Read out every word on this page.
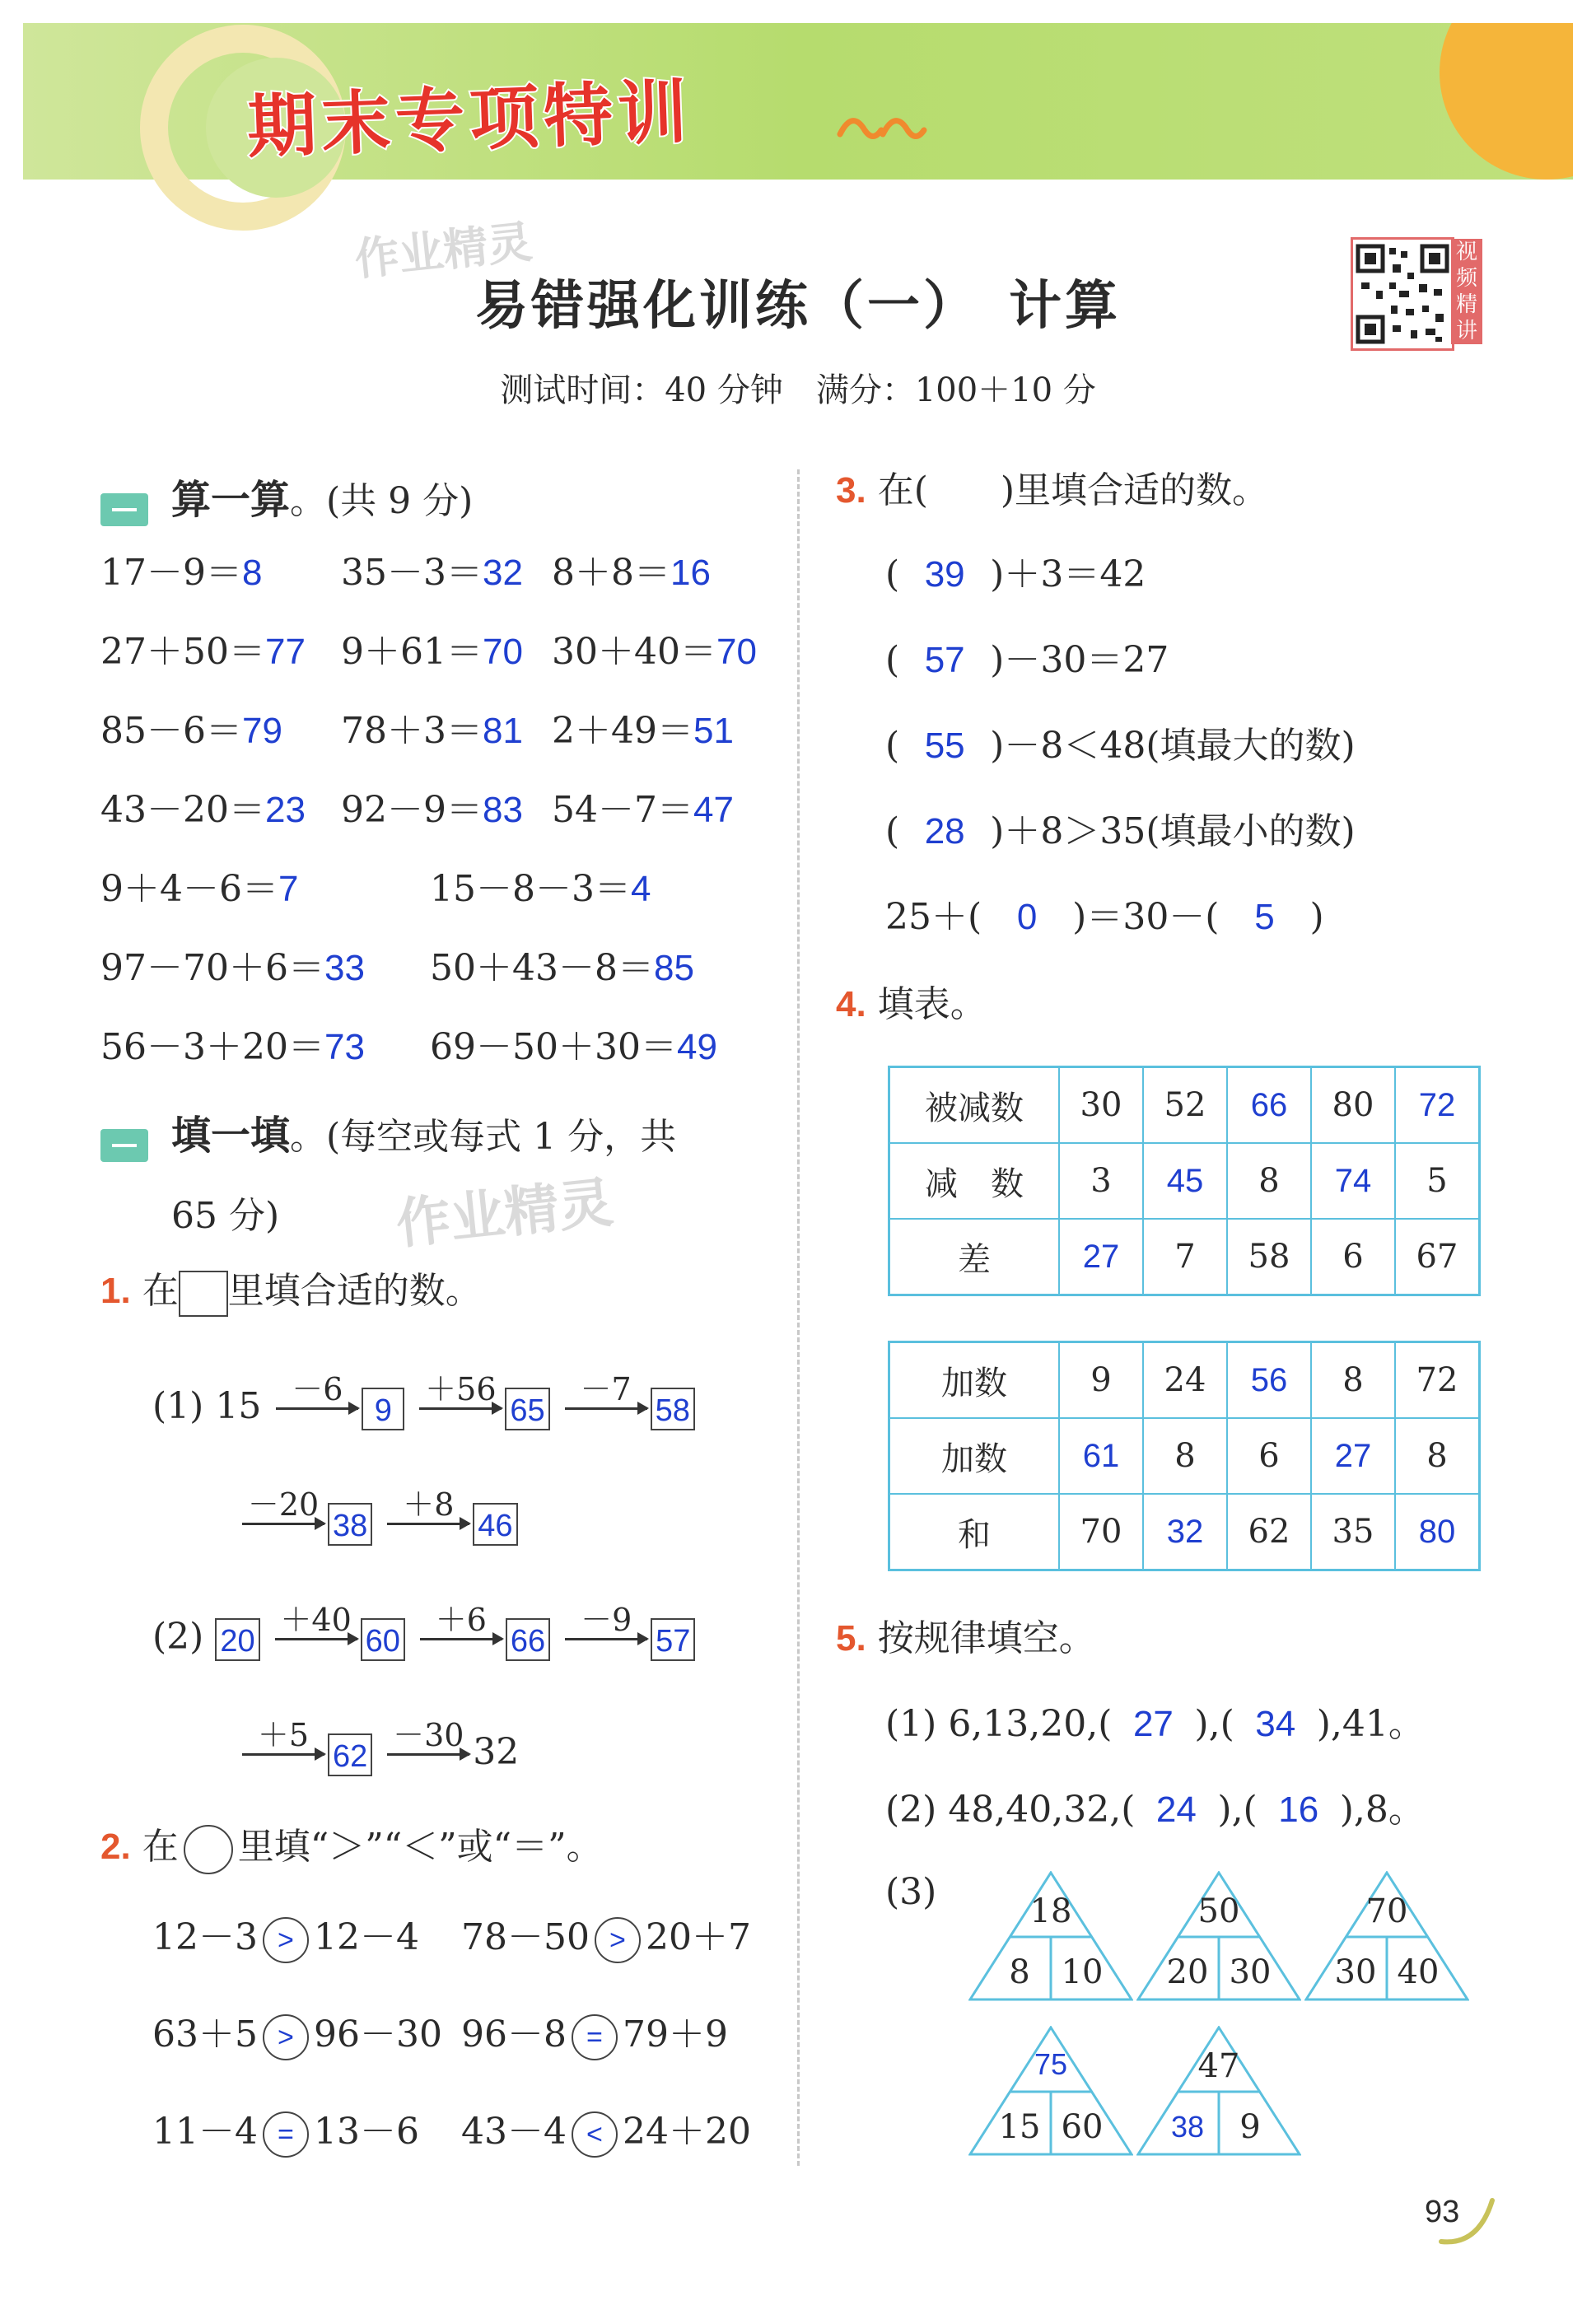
期末专项特训
作业精灵
作业精灵
易错强化训练（一）　计算
测试时间：40 分钟　满分：100＋10 分
视频精讲
算一算。(共 9 分)
17－9＝8 35－3＝32 8＋8＝16
27＋50＝77 9＋61＝70 30＋40＝70
85－6＝79 78＋3＝81 2＋49＝51
43－20＝23 92－9＝83 54－7＝47
9＋4－6＝7	15－8－3＝4
97－70＋6＝33 50＋43－8＝85
56－3＋20＝73 69－50＋30＝49
填一填。(每空或每式 1 分，共
65 分)
1. 在 里填合适的数。
(1) 15 －6
9
＋56
65
－7
58
－20
38
＋8
46
(2) 20
＋40
60
＋6
66
－9
57
＋5
62
－30 32
2. 在 里填“＞”“＜”或“＝”。
12－3 > 12－4 78－50 > 20＋7
63＋5 > 96－30 96－8 = 79＋9
11－4 = 13－6 43－4 < 24＋20
3. 在(　　)里填合适的数。
( 39 )＋3＝42
( 57 )－30＝27
( 55 )－8＜48(填最大的数)
( 28 )＋8＞35(填最小的数)
25＋( 0 )＝30－( 5 )
4. 填表。
被减数	30	52	66	80	72
减　数	3	45	8	74	5
差	27	7	58	6	67
加数	9	24	56	8	72
加数	61	8	6	27	8
和	70	32	62	35	80
5. 按规律填空。
(1) 6,13,20,( 27 ),( 34 ),41。
(2) 48,40,32,( 24 ),( 16 ),8。
(3)	18
8 10
50
20 30
70
30 40
75
15 60
47
38	9
93
